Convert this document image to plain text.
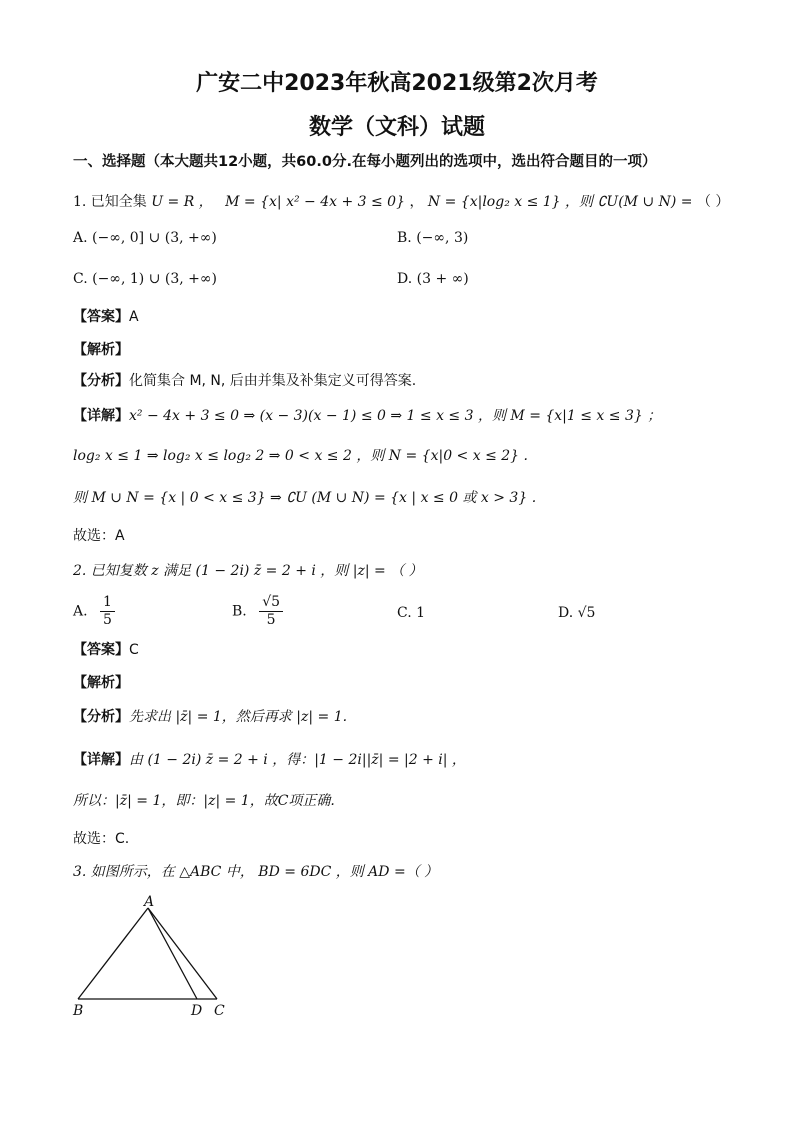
广安二中2023年秋高2021级第2次月考
数学（文科）试题
一、选择题（本大题共12小题，共60.0分.在每小题列出的选项中，选出符合题目的一项）
1. 已知全集 U = R ， M = {x| x² − 4x + 3 ≤ 0} ， N = {x|log₂ x ≤ 1} ，则 ∁U(M ∪ N) = （ ）
A. (−∞, 0] ∪ (3, +∞)	B. (−∞, 3)
C. (−∞, 1) ∪ (3, +∞)	D. (3 + ∞)
【答案】A
【解析】
【分析】化简集合 M, N, 后由并集及补集定义可得答案.
【详解】x² − 4x + 3 ≤ 0 ⇒ (x − 3)(x − 1) ≤ 0 ⇒ 1 ≤ x ≤ 3 ，则 M = {x|1 ≤ x ≤ 3} ；
log₂ x ≤ 1 ⇒ log₂ x ≤ log₂ 2 ⇒ 0 < x ≤ 2 ，则 N = {x|0 < x ≤ 2} .
则 M ∪ N = {x | 0 < x ≤ 3} ⇒ ∁U (M ∪ N) = {x | x ≤ 0 或 x > 3} .
故选：A
2. 已知复数 z 满足 (1 − 2i) z̄ = 2 + i ，则 |z| = （ ）
A. $\frac{1}{5}$	B. $\frac{√5}{5}$	C. 1	D. √5
【答案】C
【解析】
【分析】先求出 |z̄| = 1，然后再求 |z| = 1.
【详解】由 (1 − 2i) z̄ = 2 + i ，得：|1 − 2i||z̄| = |2 + i| ，
所以：|z̄| = 1，即：|z| = 1，故C项正确.
故选：C.
3. 如图所示，在 △ABC 中， BD = 6DC ，则 AD =（ ）
A
B	D C
